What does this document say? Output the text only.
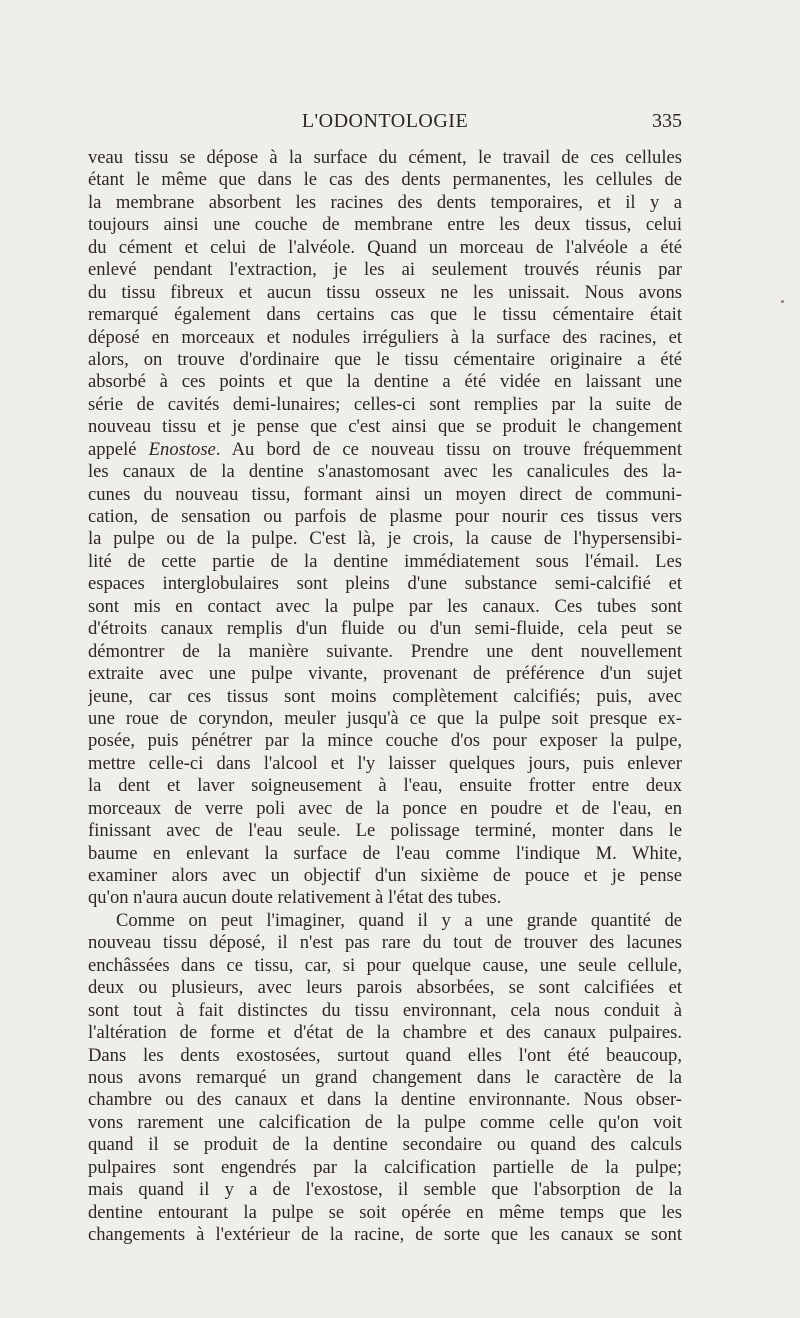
L'ODONTOLOGIE	335
veau tissu se dépose à la surface du cément, le travail de ces cellules
étant le même que dans le cas des dents permanentes, les cellules de
la membrane absorbent les racines des dents temporaires, et il y a
toujours ainsi une couche de membrane entre les deux tissus, celui
du cément et celui de l'alvéole. Quand un morceau de l'alvéole a été
enlevé pendant l'extraction, je les ai seulement trouvés réunis par
du tissu fibreux et aucun tissu osseux ne les unissait. Nous avons
remarqué également dans certains cas que le tissu cémentaire était
déposé en morceaux et nodules irréguliers à la surface des racines, et
alors, on trouve d'ordinaire que le tissu cémentaire originaire a été
absorbé à ces points et que la dentine a été vidée en laissant une
série de cavités demi-lunaires; celles-ci sont remplies par la suite de
nouveau tissu et je pense que c'est ainsi que se produit le changement
appelé Enostose. Au bord de ce nouveau tissu on trouve fréquemment
les canaux de la dentine s'anastomosant avec les canalicules des la-
cunes du nouveau tissu, formant ainsi un moyen direct de communi-
cation, de sensation ou parfois de plasme pour nourir ces tissus vers
la pulpe ou de la pulpe. C'est là, je crois, la cause de l'hypersensibi-
lité de cette partie de la dentine immédiatement sous l'émail. Les
espaces interglobulaires sont pleins d'une substance semi-calcifié et
sont mis en contact avec la pulpe par les canaux. Ces tubes sont
d'étroits canaux remplis d'un fluide ou d'un semi-fluide, cela peut se
démontrer de la manière suivante. Prendre une dent nouvellement
extraite avec une pulpe vivante, provenant de préférence d'un sujet
jeune, car ces tissus sont moins complètement calcifiés; puis, avec
une roue de coryndon, meuler jusqu'à ce que la pulpe soit presque ex-
posée, puis pénétrer par la mince couche d'os pour exposer la pulpe,
mettre celle-ci dans l'alcool et l'y laisser quelques jours, puis enlever
la dent et laver soigneusement à l'eau, ensuite frotter entre deux
morceaux de verre poli avec de la ponce en poudre et de l'eau, en
finissant avec de l'eau seule. Le polissage terminé, monter dans le
baume en enlevant la surface de l'eau comme l'indique M. White,
examiner alors avec un objectif d'un sixième de pouce et je pense
qu'on n'aura aucun doute relativement à l'état des tubes.
Comme on peut l'imaginer, quand il y a une grande quantité de
nouveau tissu déposé, il n'est pas rare du tout de trouver des lacunes
enchâssées dans ce tissu, car, si pour quelque cause, une seule cellule,
deux ou plusieurs, avec leurs parois absorbées, se sont calcifiées et
sont tout à fait distinctes du tissu environnant, cela nous conduit à
l'altération de forme et d'état de la chambre et des canaux pulpaires.
Dans les dents exostosées, surtout quand elles l'ont été beaucoup,
nous avons remarqué un grand changement dans le caractère de la
chambre ou des canaux et dans la dentine environnante. Nous obser-
vons rarement une calcification de la pulpe comme celle qu'on voit
quand il se produit de la dentine secondaire ou quand des calculs
pulpaires sont engendrés par la calcification partielle de la pulpe;
mais quand il y a de l'exostose, il semble que l'absorption de la
dentine entourant la pulpe se soit opérée en même temps que les
changements à l'extérieur de la racine, de sorte que les canaux se sont
